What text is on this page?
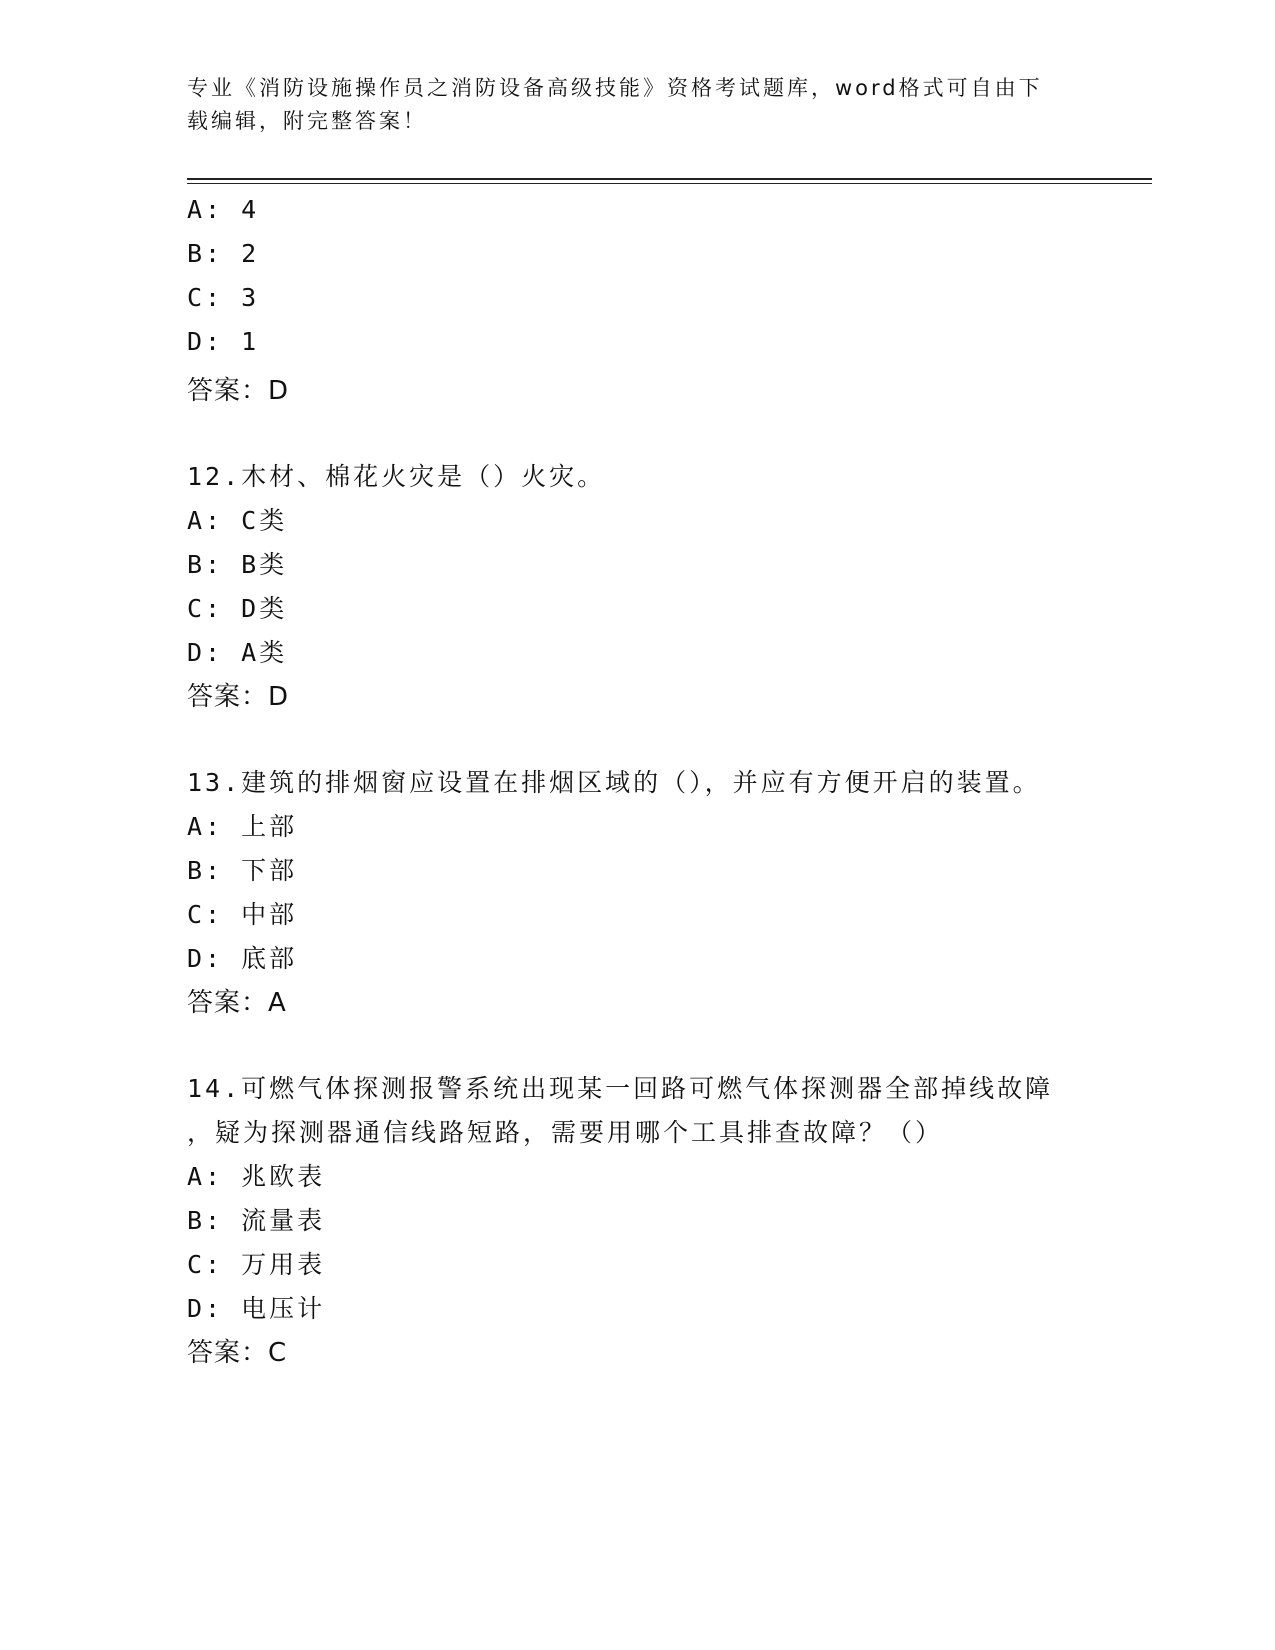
专业《消防设施操作员之消防设备高级技能》资格考试题库，word格式可自由下
载编辑，附完整答案！
A: 4
B: 2
C: 3
D: 1
答案：D
12.木材、棉花火灾是（）火灾。
A: C类
B: B类
C: D类
D: A类
答案：D
13.建筑的排烟窗应设置在排烟区域的（），并应有方便开启的装置。
A: 上部
B: 下部
C: 中部
D: 底部
答案：A
14.可燃气体探测报警系统出现某一回路可燃气体探测器全部掉线故障
，疑为探测器通信线路短路，需要用哪个工具排查故障？（）
A: 兆欧表
B: 流量表
C: 万用表
D: 电压计
答案：C
